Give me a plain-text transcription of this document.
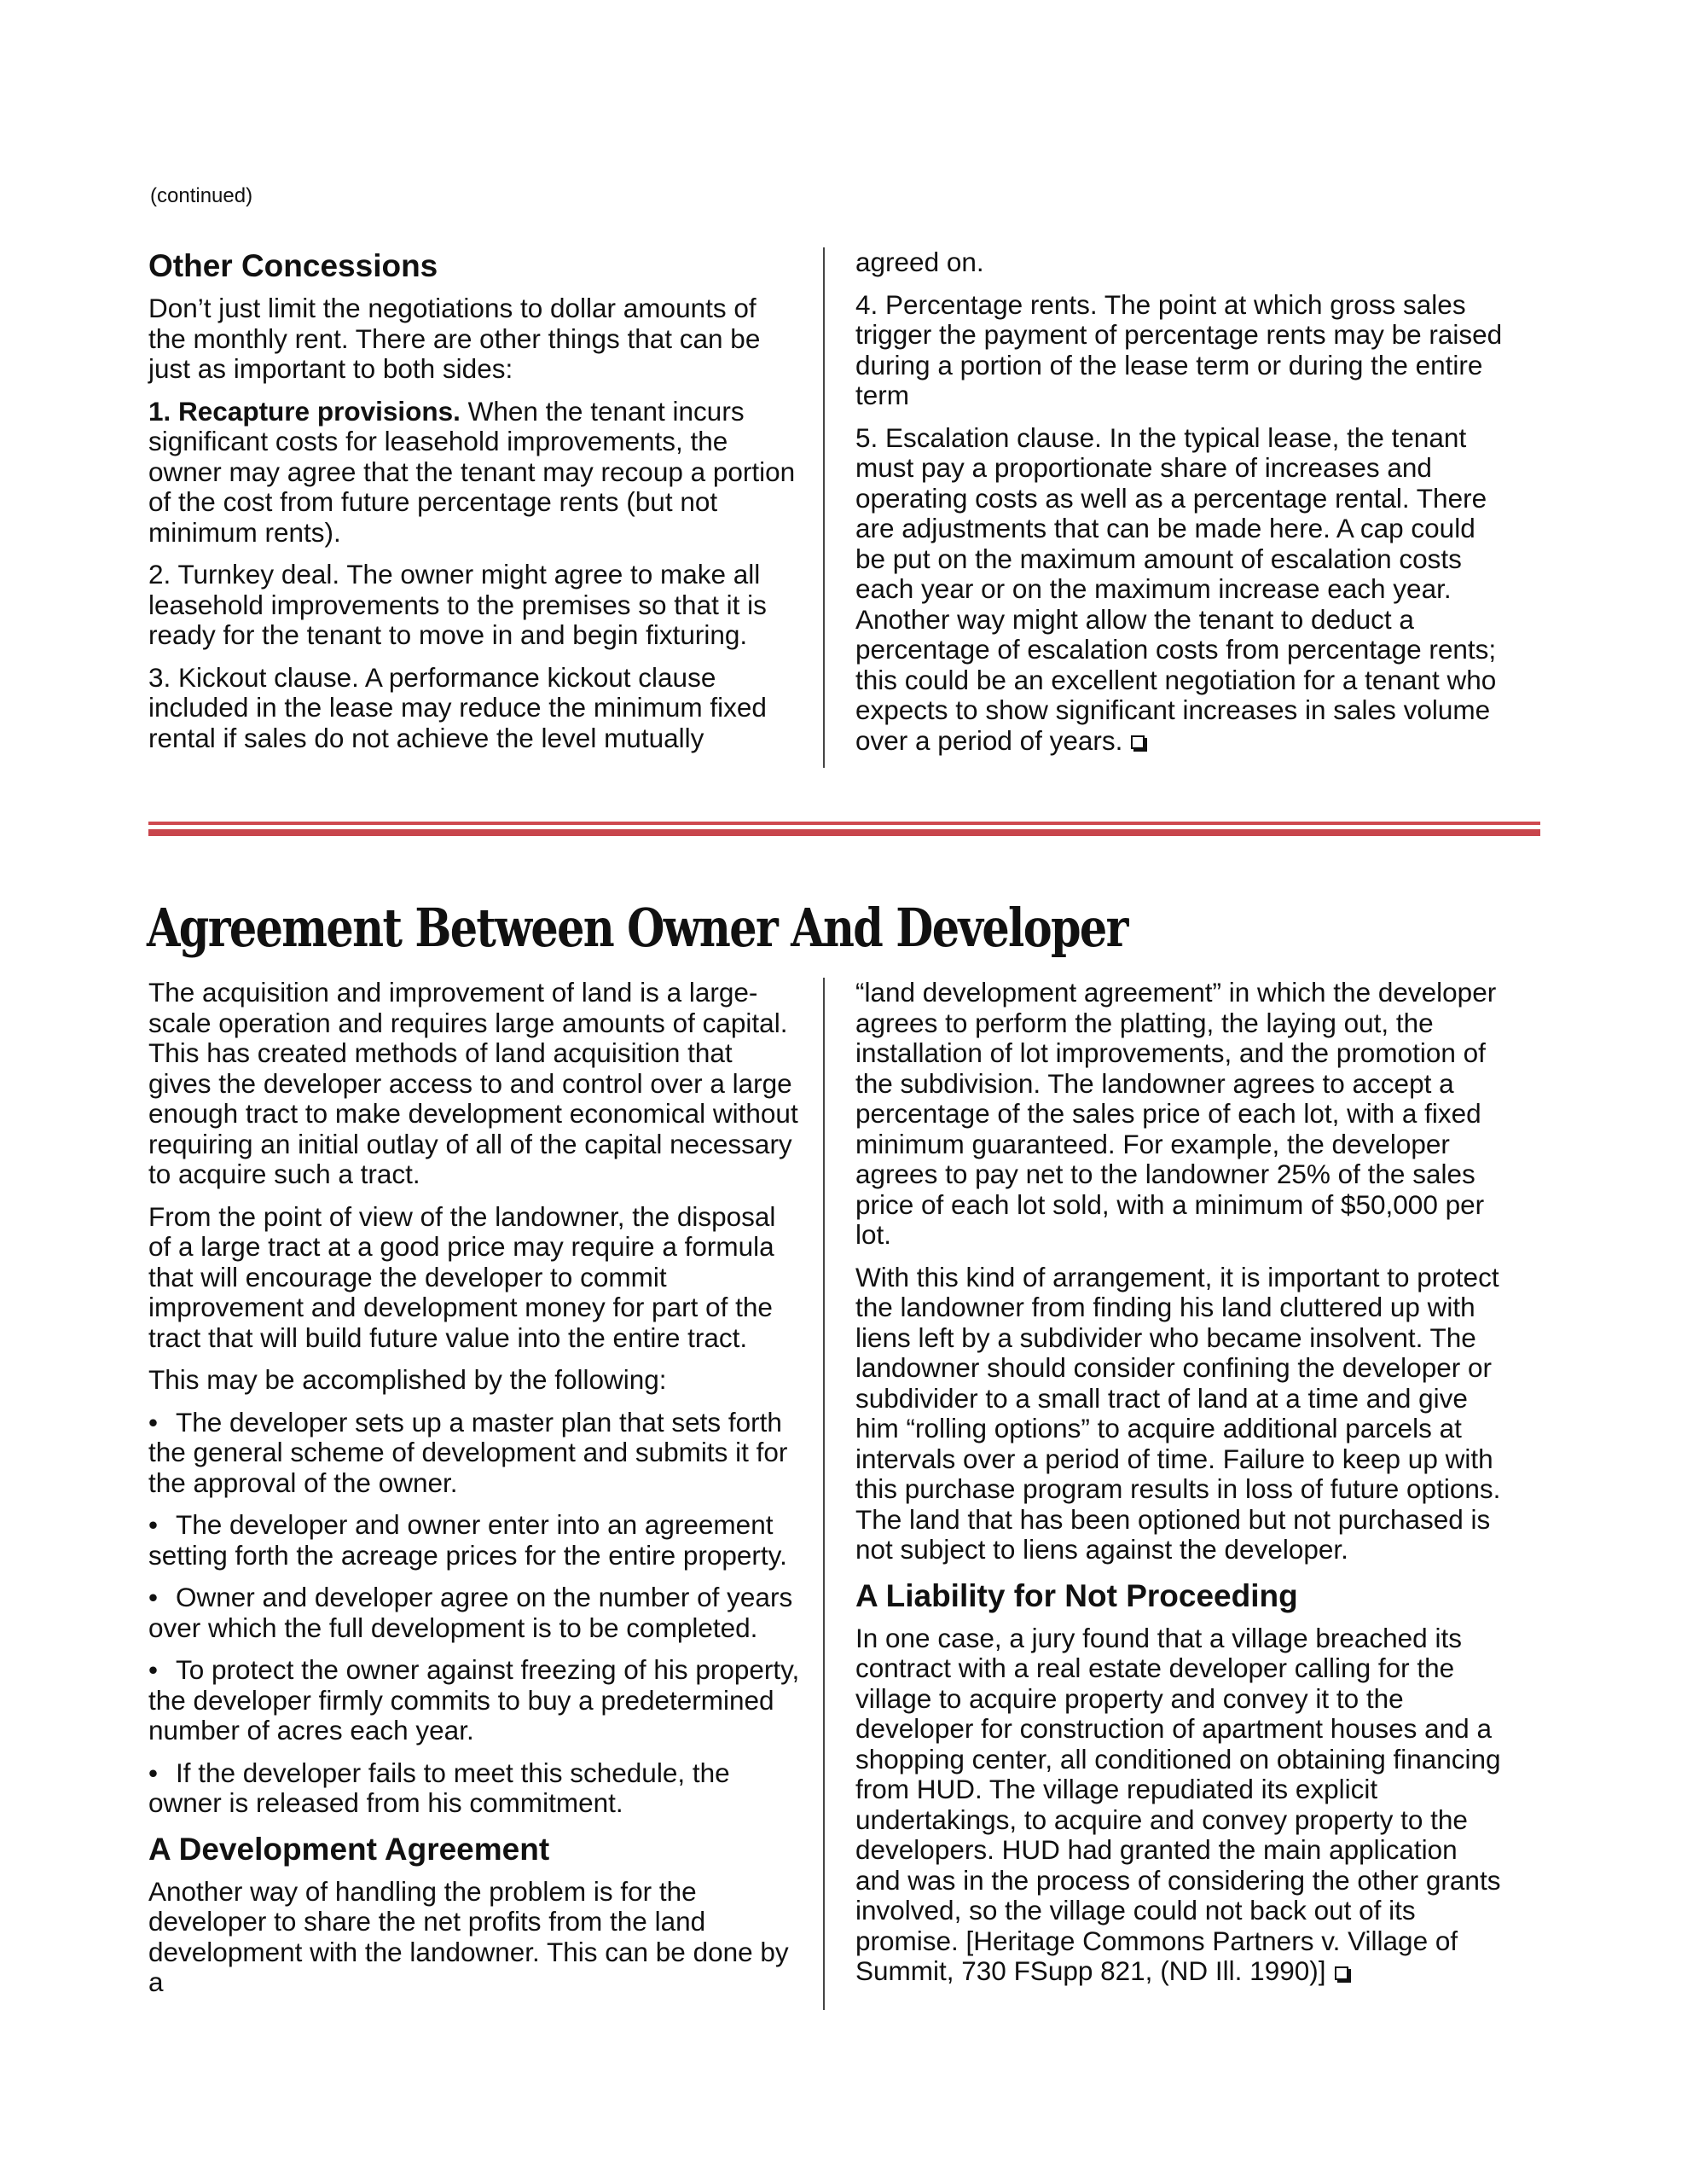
(continued)
Other Concessions

Don’t just limit the negotiations to dollar amounts of the monthly rent. There are other things that can be just as important to both sides:

1. Recapture provisions. When the tenant incurs significant costs for leasehold improvements, the owner may agree that the tenant may recoup a portion of the cost from future percentage rents (but not minimum rents).

2. Turnkey deal. The owner might agree to make all leasehold improvements to the premises so that it is ready for the tenant to move in and begin fixturing.

3. Kickout clause. A performance kickout clause included in the lease may reduce the minimum fixed rental if sales do not achieve the level mutually

agreed on.

4. Percentage rents. The point at which gross sales trigger the payment of percentage rents may be raised during a portion of the lease term or during the entire term

5. Escalation clause. In the typical lease, the tenant must pay a proportionate share of increases and operating costs as well as a percentage rental. There are adjustments that can be made here. A cap could be put on the maximum amount of escalation costs each year or on the maximum increase each year. Another way might allow the tenant to deduct a percentage of escalation costs from percentage rents; this could be an excellent negotiation for a tenant who expects to show significant increases in sales volume over a period of years.

Agreement Between Owner And Developer

The acquisition and improvement of land is a large-scale operation and requires large amounts of capital. This has created methods of land acquisition that gives the developer access to and control over a large enough tract to make development economical without requiring an initial outlay of all of the capital necessary to acquire such a tract.

From the point of view of the landowner, the disposal of a large tract at a good price may require a formula that will encourage the developer to commit improvement and development money for part of the tract that will build future value into the entire tract.

This may be accomplished by the following:

• The developer sets up a master plan that sets forth the general scheme of development and submits it for the approval of the owner.

• The developer and owner enter into an agreement setting forth the acreage prices for the entire property.

• Owner and developer agree on the number of years over which the full development is to be completed.

• To protect the owner against freezing of his property, the developer firmly commits to buy a predetermined number of acres each year.

• If the developer fails to meet this schedule, the owner is released from his commitment.

A Development Agreement

Another way of handling the problem is for the developer to share the net profits from the land development with the landowner. This can be done by a

“land development agreement” in which the developer agrees to perform the platting, the laying out, the installation of lot improvements, and the promotion of the subdivision. The landowner agrees to accept a percentage of the sales price of each lot, with a fixed minimum guaranteed. For example, the developer agrees to pay net to the landowner 25% of the sales price of each lot sold, with a minimum of $50,000 per lot.

With this kind of arrangement, it is important to protect the landowner from finding his land cluttered up with liens left by a subdivider who became insolvent. The landowner should consider confining the developer or subdivider to a small tract of land at a time and give him “rolling options” to acquire additional parcels at intervals over a period of time. Failure to keep up with this purchase program results in loss of future options. The land that has been optioned but not purchased is not subject to liens against the developer.

A Liability for Not Proceeding

In one case, a jury found that a village breached its contract with a real estate developer calling for the village to acquire property and convey it to the developer for construction of apartment houses and a shopping center, all conditioned on obtaining financing from HUD. The village repudiated its explicit undertakings, to acquire and convey property to the developers. HUD had granted the main application and was in the process of considering the other grants involved, so the village could not back out of its promise. [Heritage Commons Partners v. Village of Summit, 730 FSupp 821, (ND Ill. 1990)]
